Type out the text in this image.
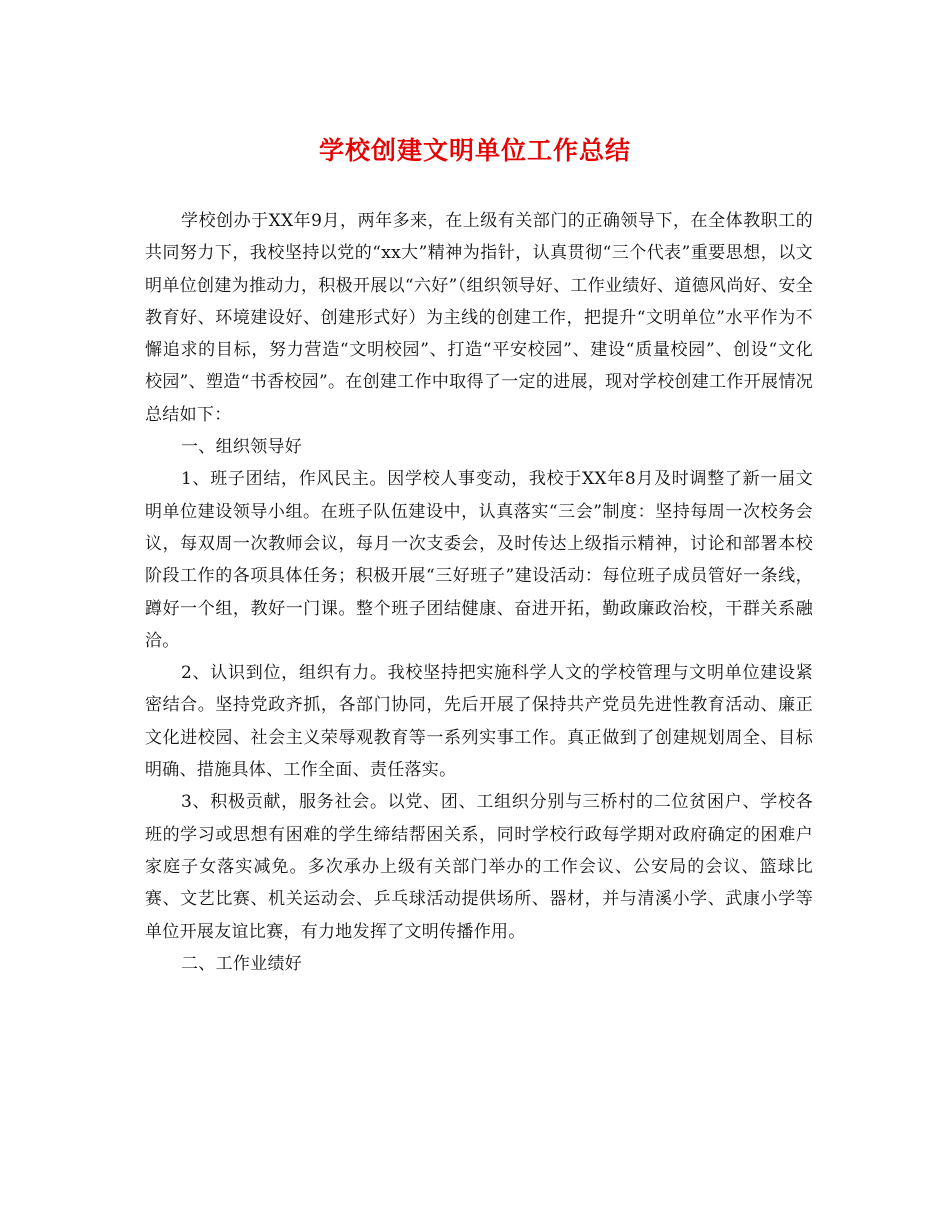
学校创建文明单位工作总结

学校创办于XX年9月，两年多来，在上级有关部门的正确领导下，在全体教职工的共同努力下，我校坚持以党的“xx大”精神为指针，认真贯彻“三个代表”重要思想，以文明单位创建为推动力，积极开展以“六好”（组织领导好、工作业绩好、道德风尚好、安全教育好、环境建设好、创建形式好）为主线的创建工作，把提升“文明单位”水平作为不懈追求的目标，努力营造“文明校园”、打造“平安校园”、建设“质量校园”、创设“文化校园”、塑造“书香校园”。在创建工作中取得了一定的进展，现对学校创建工作开展情况总结如下：

一、组织领导好

1、班子团结，作风民主。因学校人事变动，我校于XX年8月及时调整了新一届文明单位建设领导小组。在班子队伍建设中，认真落实“三会”制度：坚持每周一次校务会议，每双周一次教师会议，每月一次支委会，及时传达上级指示精神，讨论和部署本校阶段工作的各项具体任务；积极开展“三好班子”建设活动：每位班子成员管好一条线，蹲好一个组，教好一门课。整个班子团结健康、奋进开拓，勤政廉政治校，干群关系融洽。

2、认识到位，组织有力。我校坚持把实施科学人文的学校管理与文明单位建设紧密结合。坚持党政齐抓，各部门协同，先后开展了保持共产党员先进性教育活动、廉正文化进校园、社会主义荣辱观教育等一系列实事工作。真正做到了创建规划周全、目标明确、措施具体、工作全面、责任落实。

3、积极贡献，服务社会。以党、团、工组织分别与三桥村的二位贫困户、学校各班的学习或思想有困难的学生缔结帮困关系，同时学校行政每学期对政府确定的困难户家庭子女落实减免。多次承办上级有关部门举办的工作会议、公安局的会议、篮球比赛、文艺比赛、机关运动会、乒乓球活动提供场所、器材，并与清溪小学、武康小学等单位开展友谊比赛，有力地发挥了文明传播作用。

二、工作业绩好
